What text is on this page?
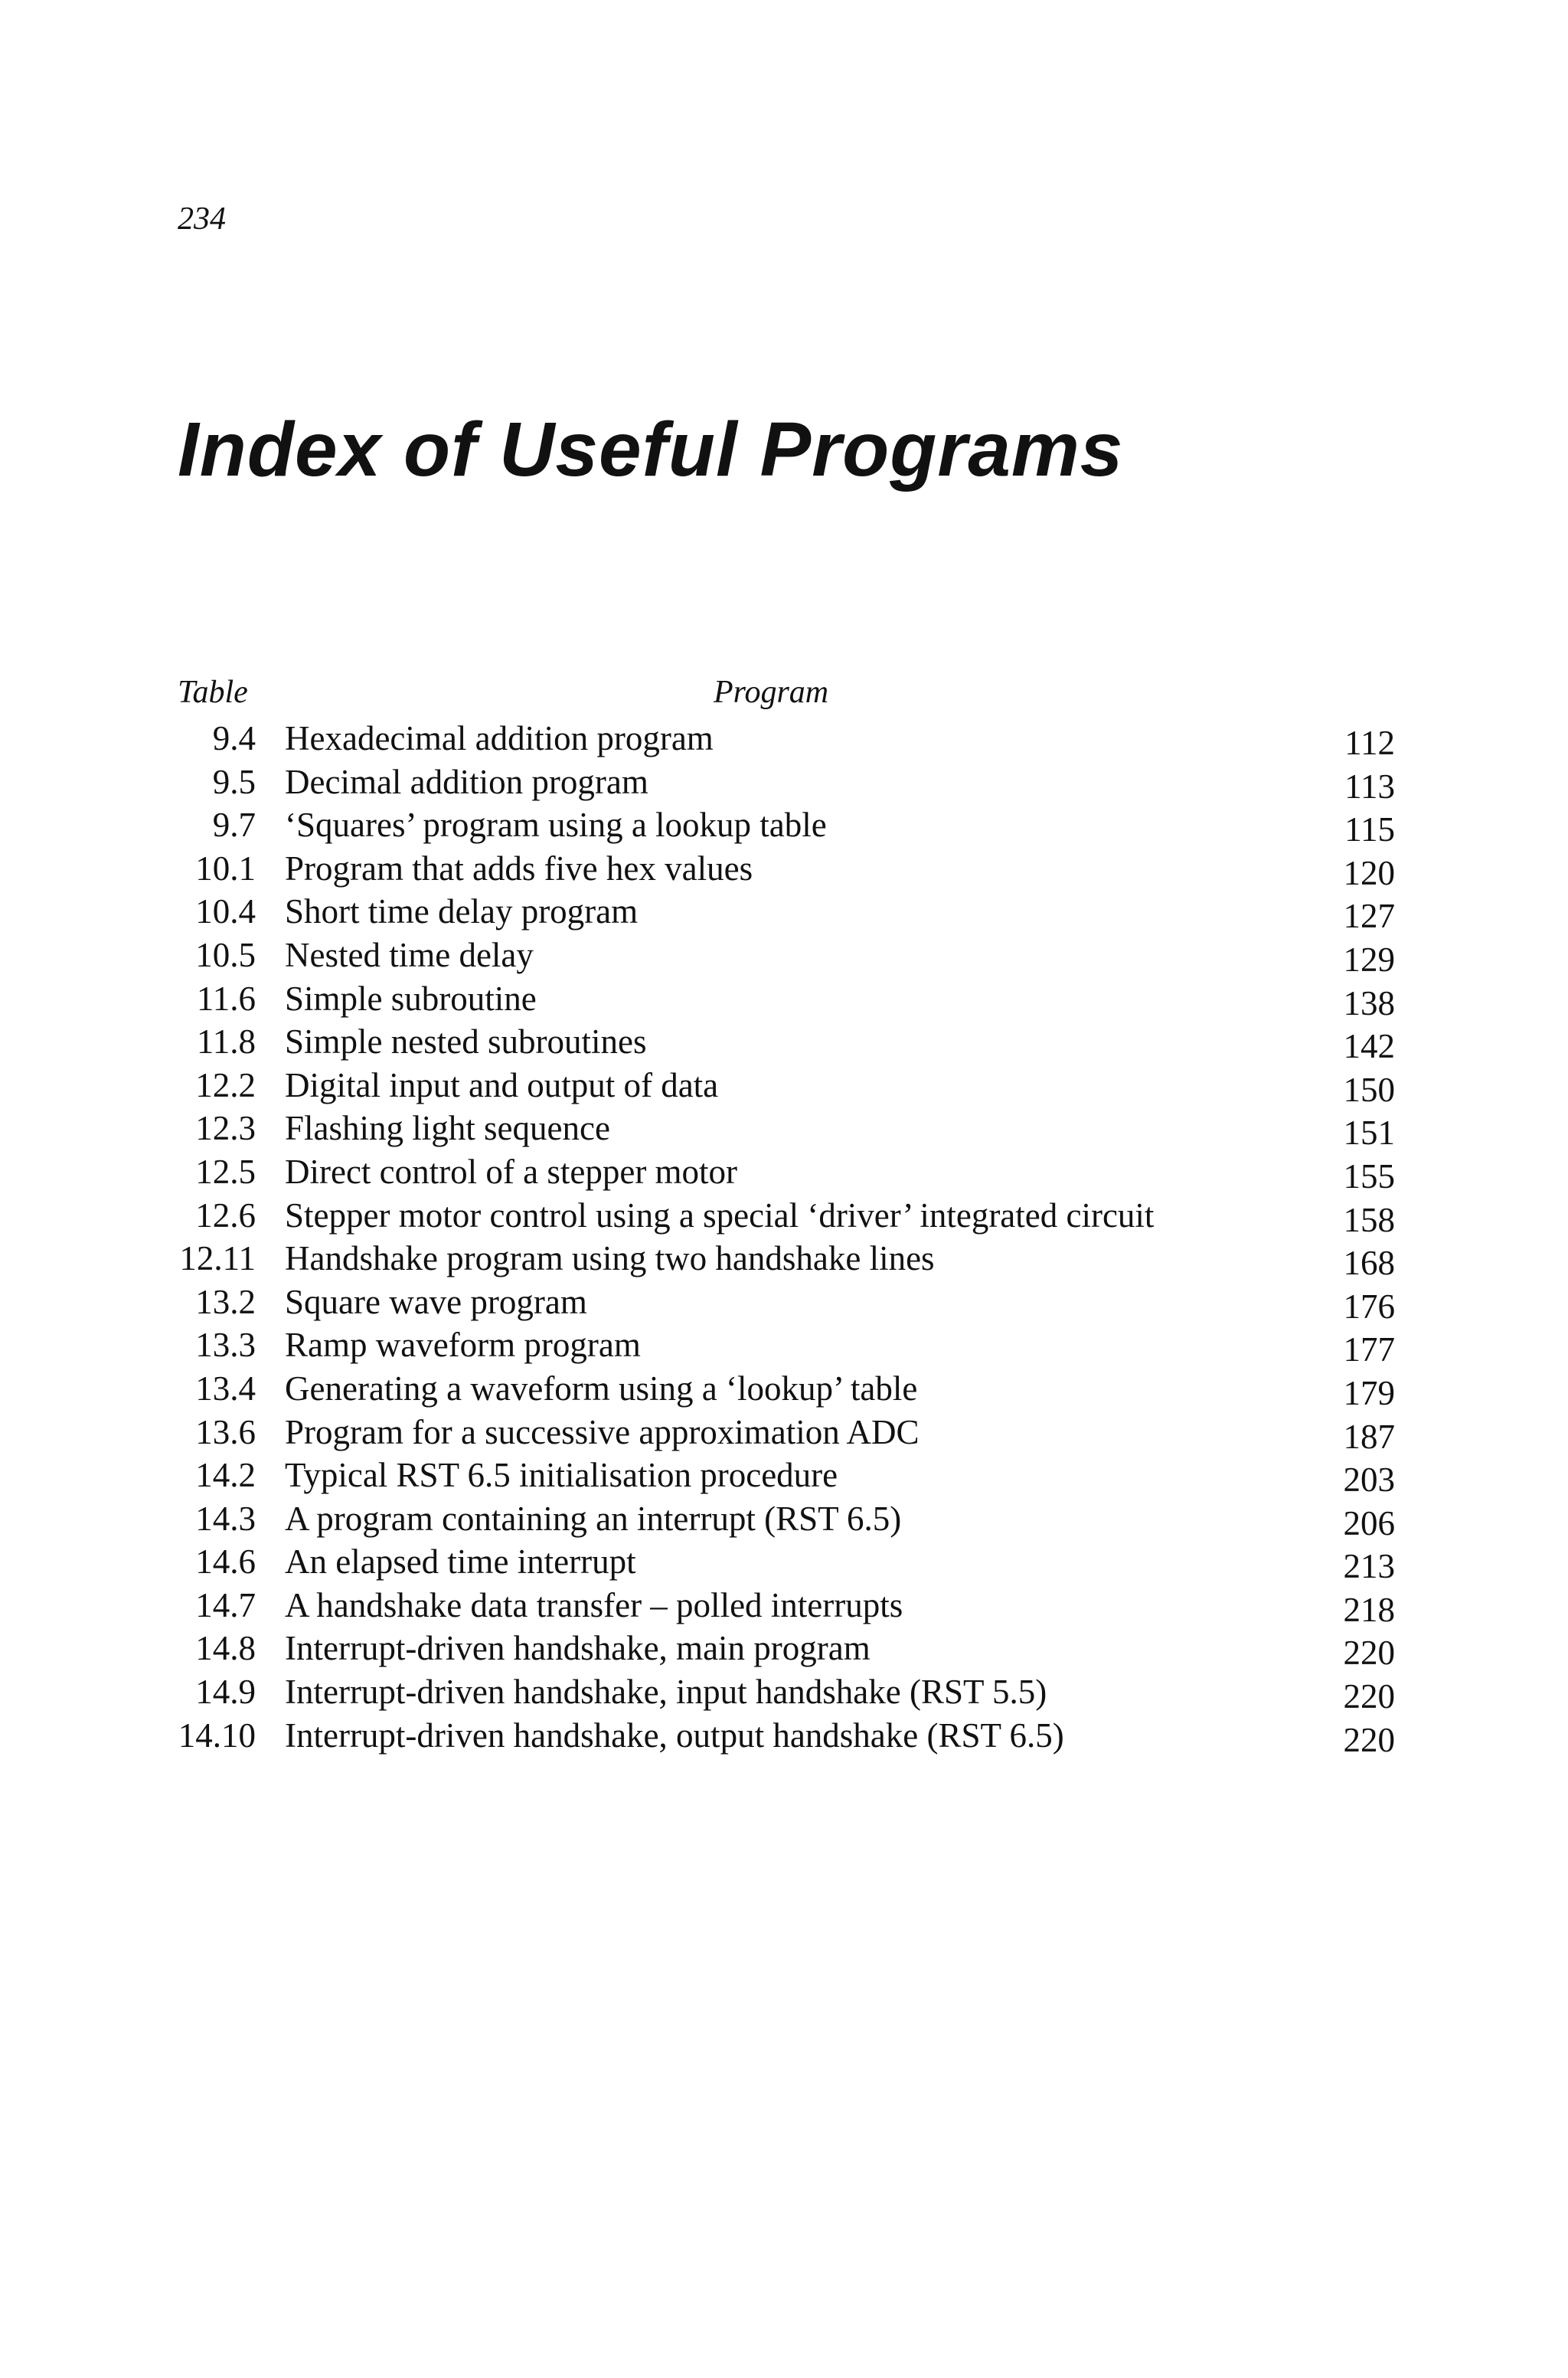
234
Index of Useful Programs
Table	Program
9.4 Hexadecimal addition program	112
9.5 Decimal addition program	113
9.7 ‘Squares’ program using a lookup table	115
10.1 Program that adds five hex values	120
10.4 Short time delay program	127
10.5 Nested time delay	129
11.6 Simple subroutine	138
11.8 Simple nested subroutines	142
12.2 Digital input and output of data	150
12.3 Flashing light sequence	151
12.5 Direct control of a stepper motor	155
12.6 Stepper motor control using a special ‘driver’ integrated circuit	158
12.11 Handshake program using two handshake lines	168
13.2 Square wave program	176
13.3 Ramp waveform program	177
13.4 Generating a waveform using a ‘lookup’ table	179
13.6 Program for a successive approximation ADC	187
14.2 Typical RST 6.5 initialisation procedure	203
14.3 A program containing an interrupt (RST 6.5)	206
14.6 An elapsed time interrupt	213
14.7 A handshake data transfer – polled interrupts	218
14.8 Interrupt-driven handshake, main program	220
14.9 Interrupt-driven handshake, input handshake (RST 5.5)	220
14.10 Interrupt-driven handshake, output handshake (RST 6.5)	220
